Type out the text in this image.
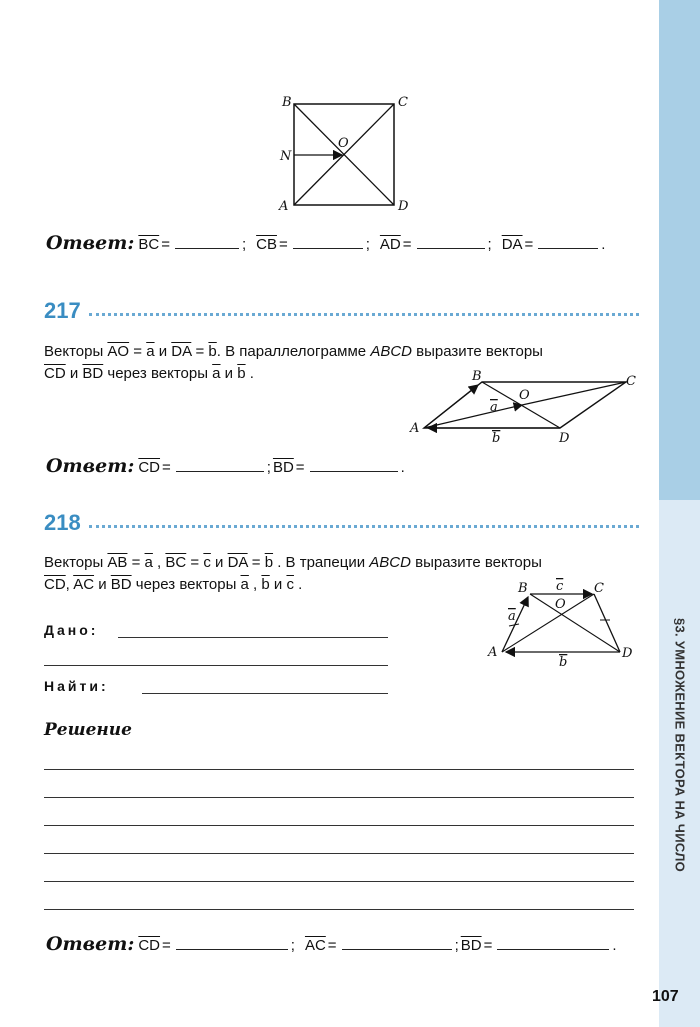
§3. УМНОЖЕНИЕ ВЕКТОРА НА ЧИСЛО
107
B	C
O
N
A	D
Ответ: $\overline{BC}$ =	; $\overline{CB}$ =	; $\overline{AD}$ =	; $\overline{DA}$ =	.
217
Векторы $\overline{AO} = \overline{a}$ и $\overline{DA} = \overline{b}$. В параллелограмме ABCD выразите векторы
$\overline{CD}$ и $\overline{BD}$ через векторы $\overline{a}$ и $\overline{b}$ .
A
B	C
D
O
a
b
Ответ: $\overline{CD}$ =	; $\overline{BD}$ =	.
218
Векторы $\overline{AB} = \overline{a}$ , $\overline{BC} = \overline{c}$ и $\overline{DA} = \overline{b}$ . В трапеции ABCD выразите векторы
$\overline{CD}$, $\overline{AC}$ и $\overline{BD}$ через векторы $\overline{a}$ , $\overline{b}$ и $\overline{c}$ .
A
B	C
D
O
a
b
c
Дано:
Найти:
Решение
Ответ: $\overline{CD}$ =	; $\overline{AC}$ =	; $\overline{BD}$ =	.
